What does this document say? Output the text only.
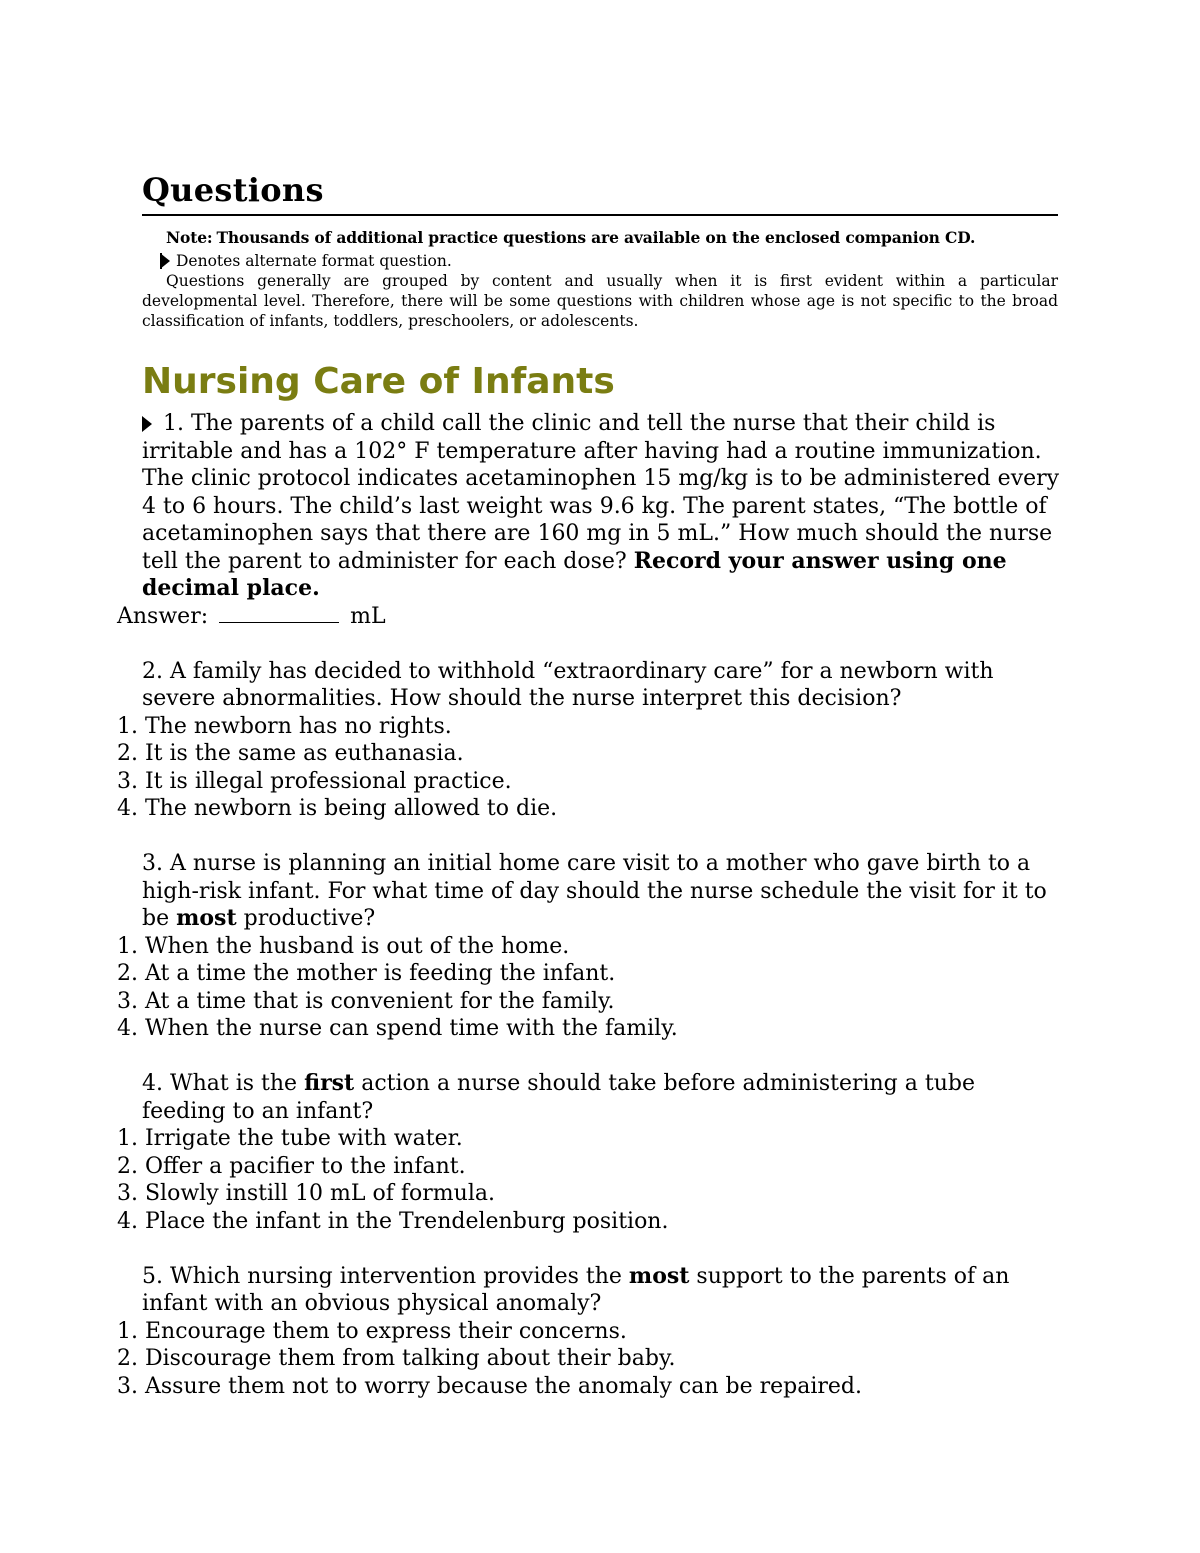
Questions

Note: Thousands of additional practice questions are available on the enclosed companion CD.

Denotes alternate format question.

Questions generally are grouped by content and usually when it is first evident within a particular developmental level. Therefore, there will be some questions with children whose age is not specific to the broad classification of infants, toddlers, preschoolers, or adolescents.

Nursing Care of Infants

1. The parents of a child call the clinic and tell the nurse that their child is irritable and has a 102° F temperature after having had a routine immunization. The clinic protocol indicates acetaminophen 15 mg/kg is to be administered every 4 to 6 hours. The child’s last weight was 9.6 kg. The parent states, “The bottle of acetaminophen says that there are 160 mg in 5 mL.” How much should the nurse tell the parent to administer for each dose? Record your answer using one decimal place.

Answer:	mL

2. A family has decided to withhold “extraordinary care” for a newborn with severe abnormalities. How should the nurse interpret this decision?

1. The newborn has no rights.

2. It is the same as euthanasia.

3. It is illegal professional practice.

4. The newborn is being allowed to die.

3. A nurse is planning an initial home care visit to a mother who gave birth to a high-risk infant. For what time of day should the nurse schedule the visit for it to be most productive?

1. When the husband is out of the home.

2. At a time the mother is feeding the infant.

3. At a time that is convenient for the family.

4. When the nurse can spend time with the family.

4. What is the first action a nurse should take before administering a tube feeding to an infant?

1. Irrigate the tube with water.

2. Offer a pacifier to the infant.

3. Slowly instill 10 mL of formula.

4. Place the infant in the Trendelenburg position.

5. Which nursing intervention provides the most support to the parents of an infant with an obvious physical anomaly?

1. Encourage them to express their concerns.

2. Discourage them from talking about their baby.

3. Assure them not to worry because the anomaly can be repaired.
